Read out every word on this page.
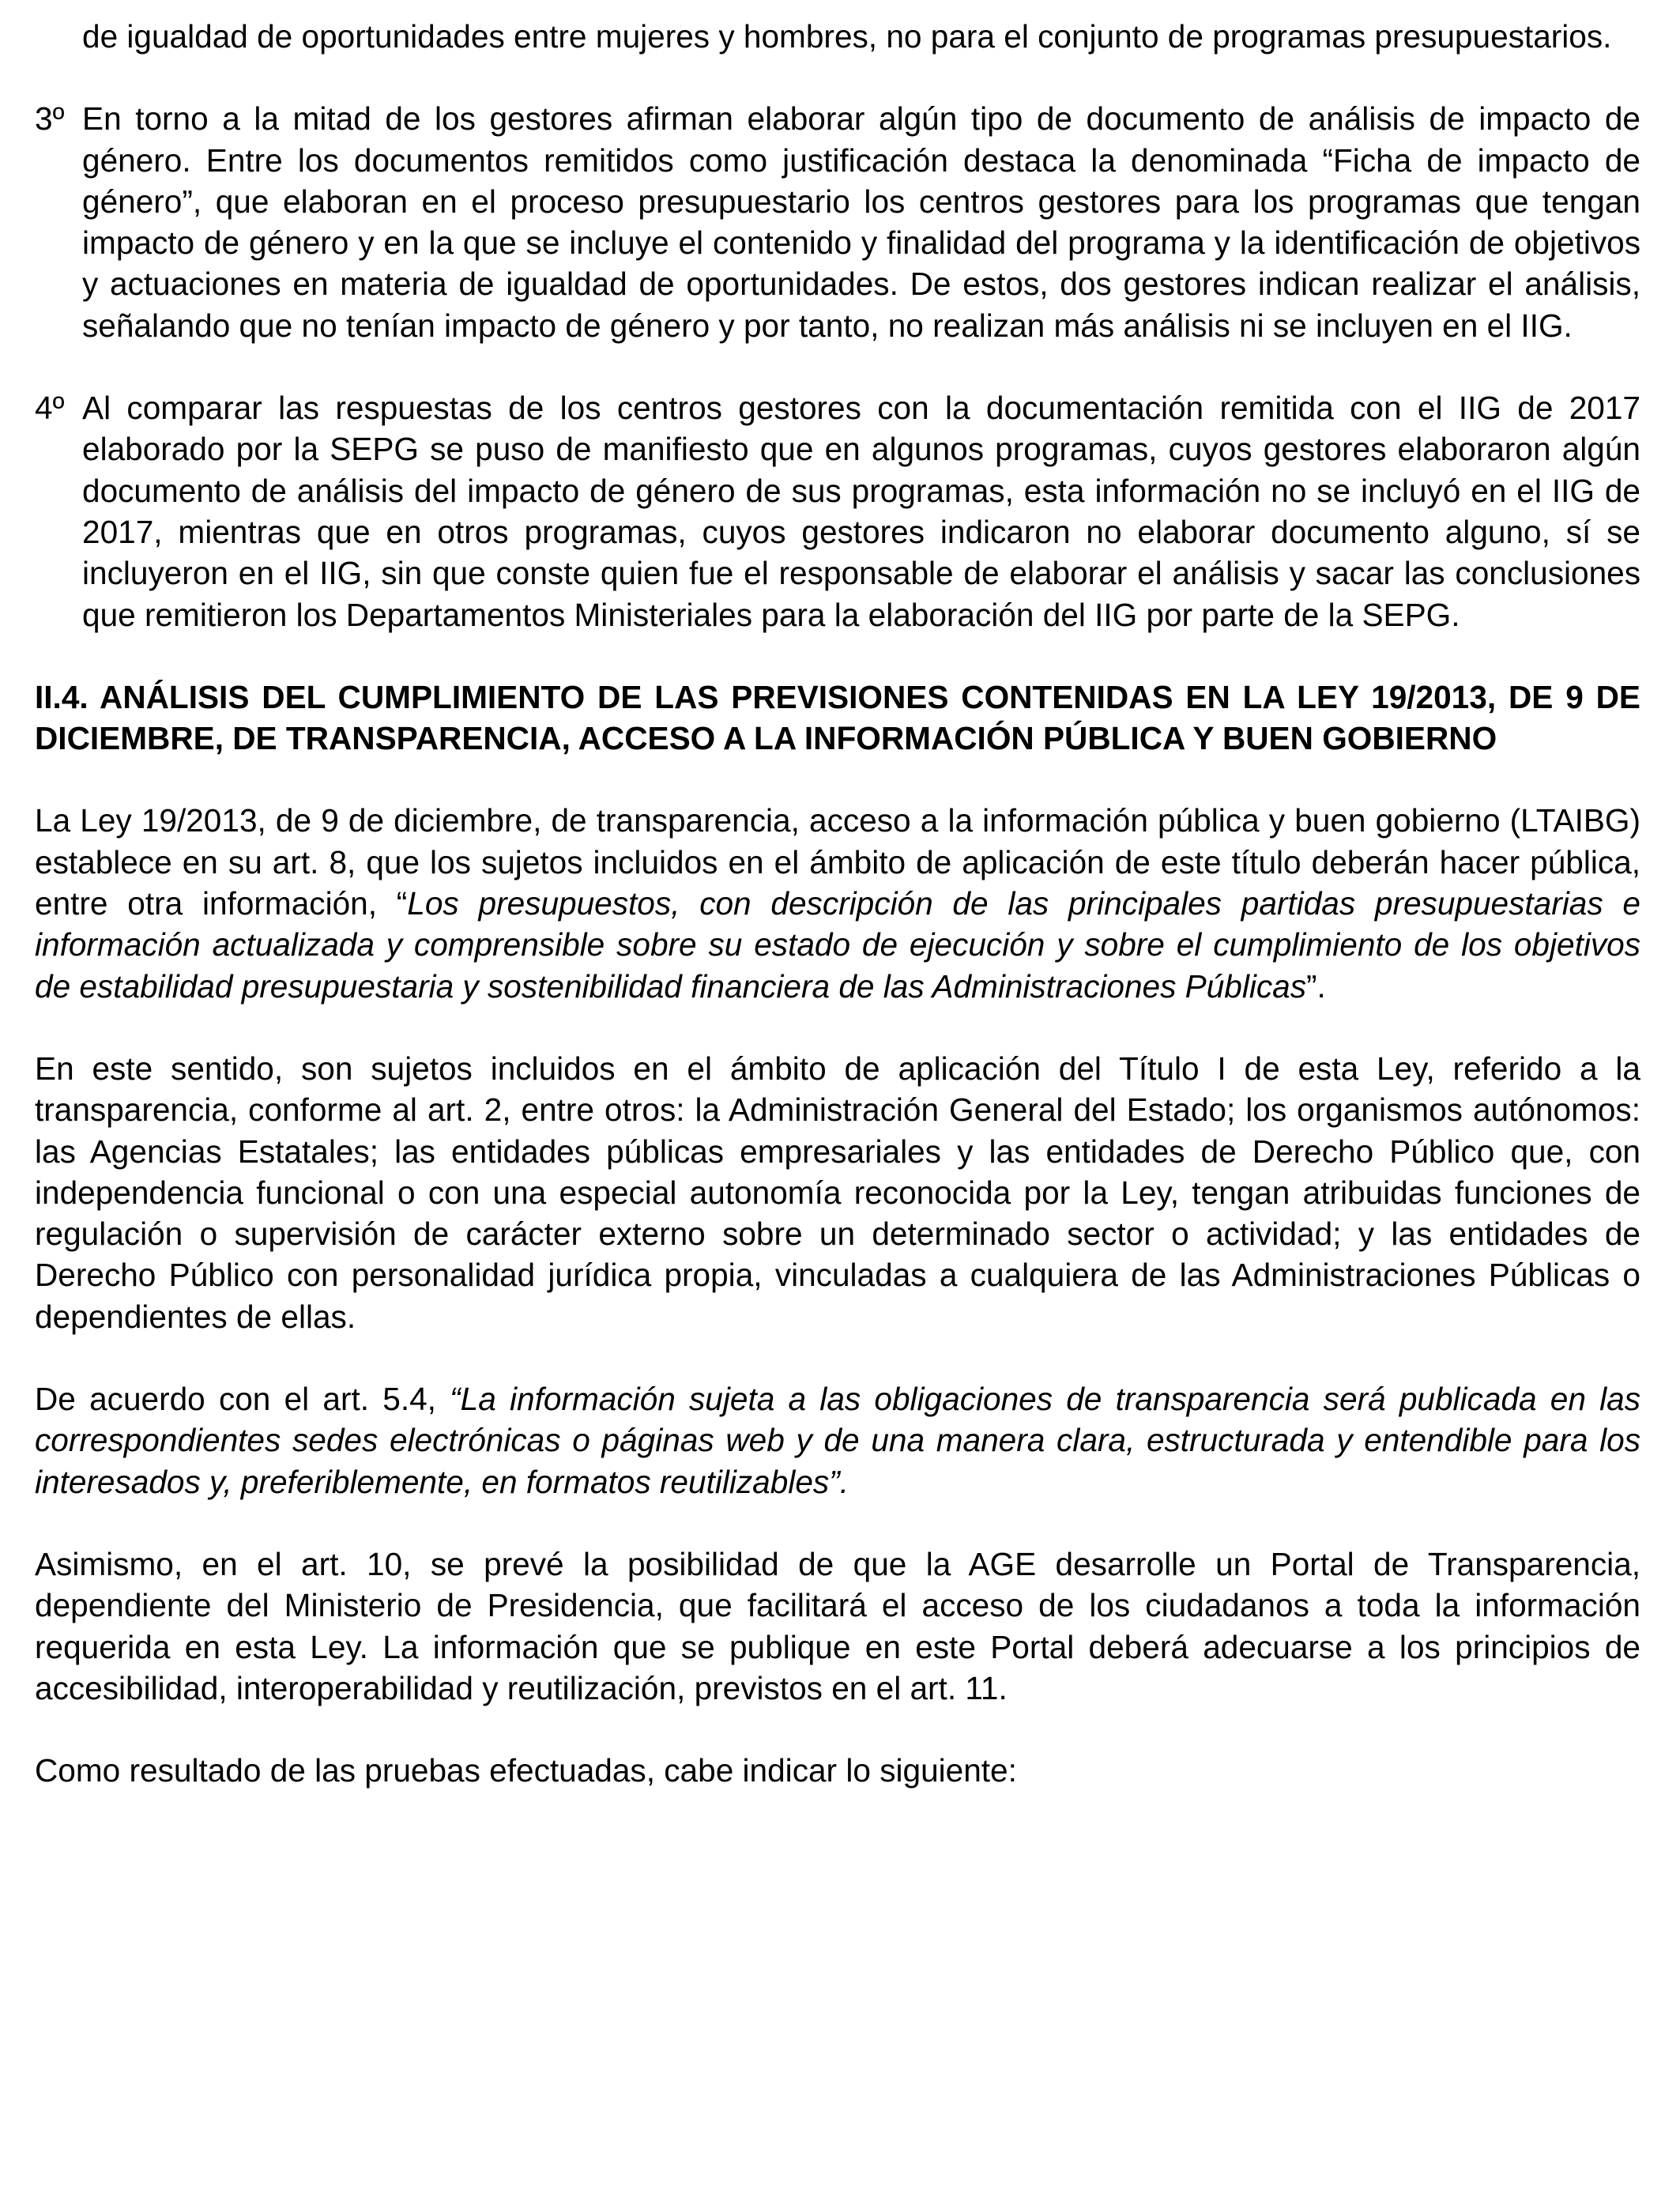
de igualdad de oportunidades entre mujeres y hombres, no para el conjunto de programas presupuestarios.

3º En torno a la mitad de los gestores afirman elaborar algún tipo de documento de análisis de impacto de género. Entre los documentos remitidos como justificación destaca la denominada “Ficha de impacto de género”, que elaboran en el proceso presupuestario los centros gestores para los programas que tengan impacto de género y en la que se incluye el contenido y finalidad del programa y la identificación de objetivos y actuaciones en materia de igualdad de oportunidades. De estos, dos gestores indican realizar el análisis, señalando que no tenían impacto de género y por tanto, no realizan más análisis ni se incluyen en el IIG.
4º Al comparar las respuestas de los centros gestores con la documentación remitida con el IIG de 2017 elaborado por la SEPG se puso de manifiesto que en algunos programas, cuyos gestores elaboraron algún documento de análisis del impacto de género de sus programas, esta información no se incluyó en el IIG de 2017, mientras que en otros programas, cuyos gestores indicaron no elaborar documento alguno, sí se incluyeron en el IIG, sin que conste quien fue el responsable de elaborar el análisis y sacar las conclusiones que remitieron los Departamentos Ministeriales para la elaboración del IIG por parte de la SEPG.

II.4. ANÁLISIS DEL CUMPLIMIENTO DE LAS PREVISIONES CONTENIDAS EN LA LEY 19/2013, DE 9 DE DICIEMBRE, DE TRANSPARENCIA, ACCESO A LA INFORMACIÓN PÚBLICA Y BUEN GOBIERNO

La Ley 19/2013, de 9 de diciembre, de transparencia, acceso a la información pública y buen gobierno (LTAIBG) establece en su art. 8, que los sujetos incluidos en el ámbito de aplicación de este título deberán hacer pública, entre otra información, “Los presupuestos, con descripción de las principales partidas presupuestarias e información actualizada y comprensible sobre su estado de ejecución y sobre el cumplimiento de los objetivos de estabilidad presupuestaria y sostenibilidad financiera de las Administraciones Públicas”.

En este sentido, son sujetos incluidos en el ámbito de aplicación del Título I de esta Ley, referido a la transparencia, conforme al art. 2, entre otros: la Administración General del Estado; los organismos autónomos: las Agencias Estatales; las entidades públicas empresariales y las entidades de Derecho Público que, con independencia funcional o con una especial autonomía reconocida por la Ley, tengan atribuidas funciones de regulación o supervisión de carácter externo sobre un determinado sector o actividad; y las entidades de Derecho Público con personalidad jurídica propia, vinculadas a cualquiera de las Administraciones Públicas o dependientes de ellas.

De acuerdo con el art. 5.4, “La información sujeta a las obligaciones de transparencia será publicada en las correspondientes sedes electrónicas o páginas web y de una manera clara, estructurada y entendible para los interesados y, preferiblemente, en formatos reutilizables”.

Asimismo, en el art. 10, se prevé la posibilidad de que la AGE desarrolle un Portal de Transparencia, dependiente del Ministerio de Presidencia, que facilitará el acceso de los ciudadanos a toda la información requerida en esta Ley. La información que se publique en este Portal deberá adecuarse a los principios de accesibilidad, interoperabilidad y reutilización, previstos en el art. 11.

Como resultado de las pruebas efectuadas, cabe indicar lo siguiente:
